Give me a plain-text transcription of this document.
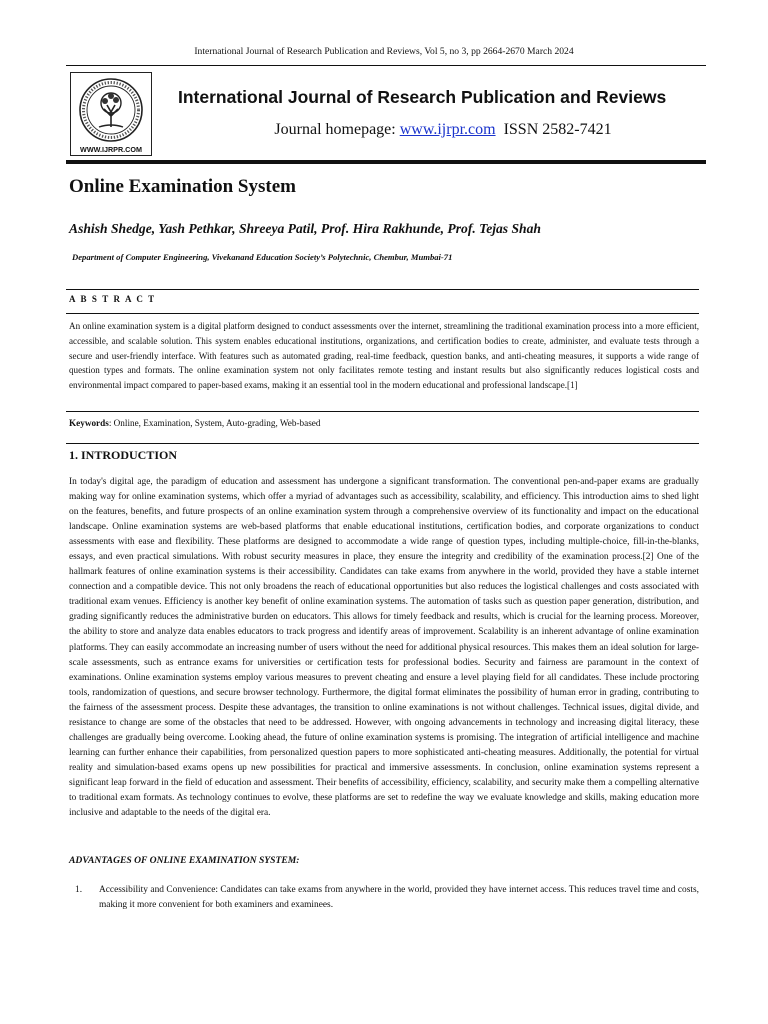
International Journal of Research Publication and Reviews, Vol 5, no 3, pp 2664-2670 March 2024
WWW.IJRPR.COM
International Journal of Research Publication and Reviews
Journal homepage: www.ijrpr.com ISSN 2582-7421
Online Examination System
Ashish Shedge, Yash Pethkar, Shreeya Patil, Prof. Hira Rakhunde, Prof. Tejas Shah
Department of Computer Engineering, Vivekanand Education Society’s Polytechnic, Chembur, Mumbai-71
A B S T R A C T
An online examination system is a digital platform designed to conduct assessments over the internet, streamlining the traditional examination process into a more efficient, accessible, and scalable solution. This system enables educational institutions, organizations, and certification bodies to create, administer, and evaluate tests through a secure and user-friendly interface. With features such as automated grading, real-time feedback, question banks, and anti-cheating measures, it supports a wide range of question types and formats. The online examination system not only facilitates remote testing and instant results but also significantly reduces logistical costs and environmental impact compared to paper-based exams, making it an essential tool in the modern educational and professional landscape.[1]
Keywords: Online, Examination, System, Auto-grading, Web-based
1. INTRODUCTION
In today's digital age, the paradigm of education and assessment has undergone a significant transformation. The conventional pen-and-paper exams are gradually making way for online examination systems, which offer a myriad of advantages such as accessibility, scalability, and efficiency. This introduction aims to shed light on the features, benefits, and future prospects of an online examination system through a comprehensive overview of its functionality and impact on the educational landscape. Online examination systems are web-based platforms that enable educational institutions, certification bodies, and corporate organizations to conduct assessments with ease and flexibility. These platforms are designed to accommodate a wide range of question types, including multiple-choice, fill-in-the-blanks, essays, and even practical simulations. With robust security measures in place, they ensure the integrity and credibility of the examination process.[2] One of the hallmark features of online examination systems is their accessibility. Candidates can take exams from anywhere in the world, provided they have a stable internet connection and a compatible device. This not only broadens the reach of educational opportunities but also reduces the logistical challenges and costs associated with traditional exam venues. Efficiency is another key benefit of online examination systems. The automation of tasks such as question paper generation, distribution, and grading significantly reduces the administrative burden on educators. This allows for timely feedback and results, which is crucial for the learning process. Moreover, the ability to store and analyze data enables educators to track progress and identify areas of improvement. Scalability is an inherent advantage of online examination platforms. They can easily accommodate an increasing number of users without the need for additional physical resources. This makes them an ideal solution for large-scale assessments, such as entrance exams for universities or certification tests for professional bodies. Security and fairness are paramount in the context of examinations. Online examination systems employ various measures to prevent cheating and ensure a level playing field for all candidates. These include proctoring tools, randomization of questions, and secure browser technology. Furthermore, the digital format eliminates the possibility of human error in grading, contributing to the fairness of the assessment process. Despite these advantages, the transition to online examinations is not without challenges. Technical issues, digital divide, and resistance to change are some of the obstacles that need to be addressed. However, with ongoing advancements in technology and increasing digital literacy, these challenges are gradually being overcome. Looking ahead, the future of online examination systems is promising. The integration of artificial intelligence and machine learning can further enhance their capabilities, from personalized question papers to more sophisticated anti-cheating measures. Additionally, the potential for virtual reality and simulation-based exams opens up new possibilities for practical and immersive assessments. In conclusion, online examination systems represent a significant leap forward in the field of education and assessment. Their benefits of accessibility, efficiency, scalability, and security make them a compelling alternative to traditional exam formats. As technology continues to evolve, these platforms are set to redefine the way we evaluate knowledge and skills, making education more inclusive and adaptable to the needs of the digital era.
ADVANTAGES OF ONLINE EXAMINATION SYSTEM:
1. Accessibility and Convenience: Candidates can take exams from anywhere in the world, provided they have internet access. This reduces travel time and costs, making it more convenient for both examiners and examinees.
